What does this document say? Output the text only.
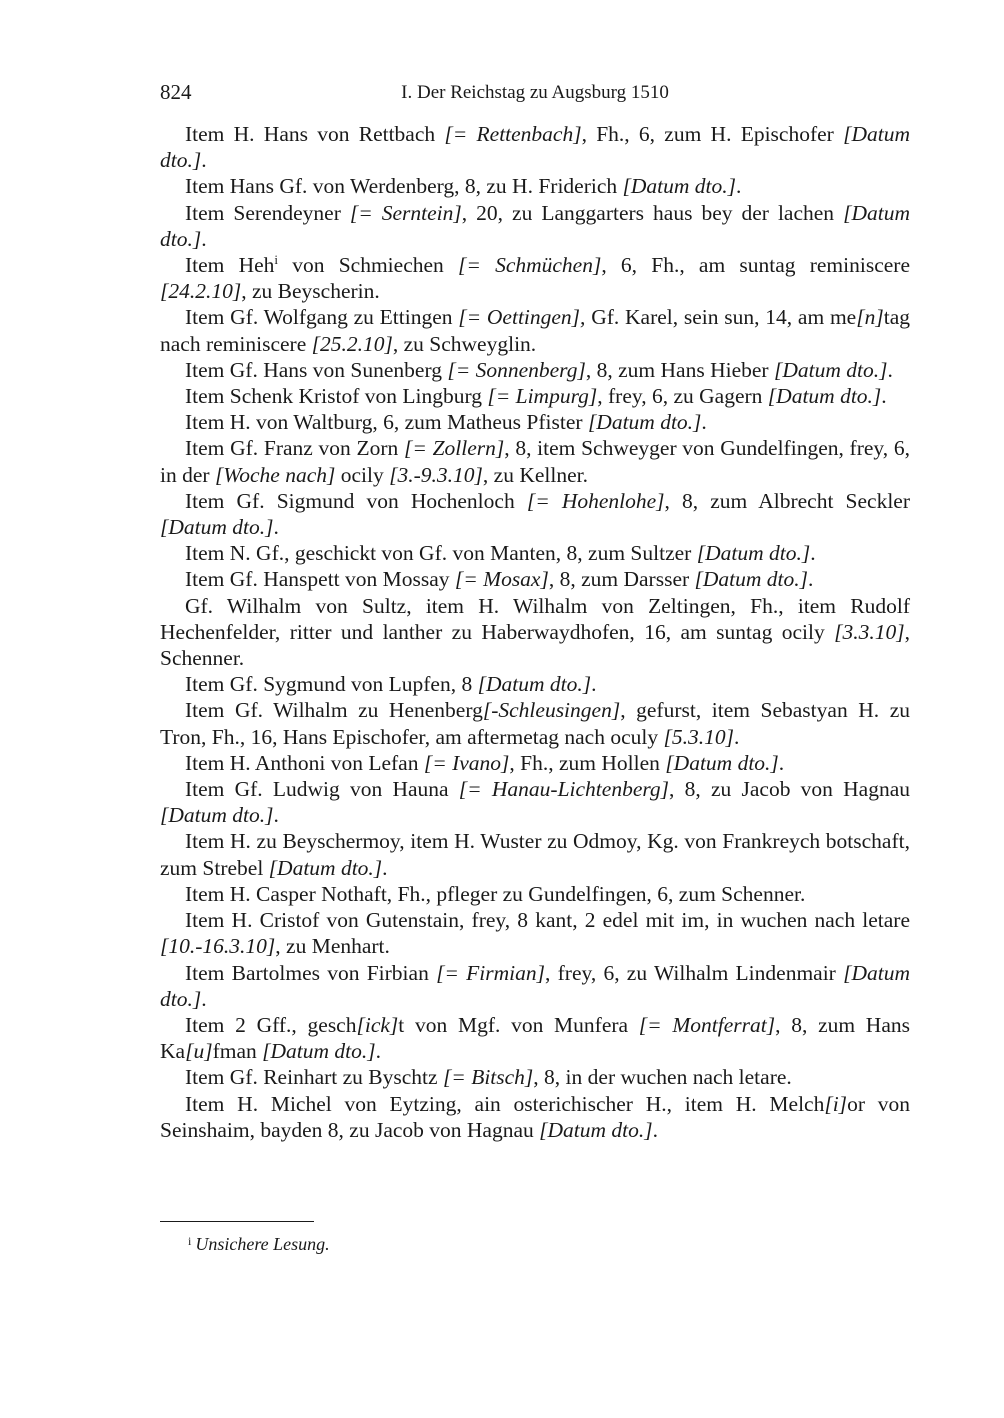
824	I. Der Reichstag zu Augsburg 1510

Item H. Hans von Rettbach [= Rettenbach], Fh., 6, zum H. Epischofer [Datum dto.].

Item Hans Gf. von Werdenberg, 8, zu H. Friderich [Datum dto.].

Item Serendeyner [= Serntein], 20, zu Langgarters haus bey der lachen [Datum dto.].

Item Heh$^i$ von Schmiechen [= Schmüchen], 6, Fh., am suntag reminiscere [24.2.10], zu Beyscherin.

Item Gf. Wolfgang zu Ettingen [= Oettingen], Gf. Karel, sein sun, 14, am me[n]tag nach reminiscere [25.2.10], zu Schweyglin.

Item Gf. Hans von Sunenberg [= Sonnenberg], 8, zum Hans Hieber [Datum dto.].

Item Schenk Kristof von Lingburg [= Limpurg], frey, 6, zu Gagern [Datum dto.].

Item H. von Waltburg, 6, zum Matheus Pfister [Datum dto.].

Item Gf. Franz von Zorn [= Zollern], 8, item Schweyger von Gundelfingen, frey, 6, in der [Woche nach] ocily [3.-9.3.10], zu Kellner.

Item Gf. Sigmund von Hochenloch [= Hohenlohe], 8, zum Albrecht Seckler [Datum dto.].

Item N. Gf., geschickt von Gf. von Manten, 8, zum Sultzer [Datum dto.].

Item Gf. Hanspett von Mossay [= Mosax], 8, zum Darsser [Datum dto.].

Gf. Wilhalm von Sultz, item H. Wilhalm von Zeltingen, Fh., item Rudolf Hechenfelder, ritter und lanther zu Haberwaydhofen, 16, am suntag ocily [3.3.10], Schenner.

Item Gf. Sygmund von Lupfen, 8 [Datum dto.].

Item Gf. Wilhalm zu Henenberg[-Schleusingen], gefurst, item Sebastyan H. zu Tron, Fh., 16, Hans Epischofer, am aftermetag nach oculy [5.3.10].

Item H. Anthoni von Lefan [= Ivano], Fh., zum Hollen [Datum dto.].

Item Gf. Ludwig von Hauna [= Hanau-Lichtenberg], 8, zu Jacob von Hagnau [Datum dto.].

Item H. zu Beyschermoy, item H. Wuster zu Odmoy, Kg. von Frankreych botschaft, zum Strebel [Datum dto.].

Item H. Casper Nothaft, Fh., pfleger zu Gundelfingen, 6, zum Schenner.

Item H. Cristof von Gutenstain, frey, 8 kant, 2 edel mit im, in wuchen nach letare [10.-16.3.10], zu Menhart.

Item Bartolmes von Firbian [= Firmian], frey, 6, zu Wilhalm Lindenmair [Datum dto.].

Item 2 Gff., gesch[ick]t von Mgf. von Munfera [= Montferrat], 8, zum Hans Ka[u]fman [Datum dto.].

Item Gf. Reinhart zu Byschtz [= Bitsch], 8, in der wuchen nach letare.

Item H. Michel von Eytzing, ain osterichischer H., item H. Melch[i]or von Seinshaim, bayden 8, zu Jacob von Hagnau [Datum dto.].

$^i$ Unsichere Lesung.
